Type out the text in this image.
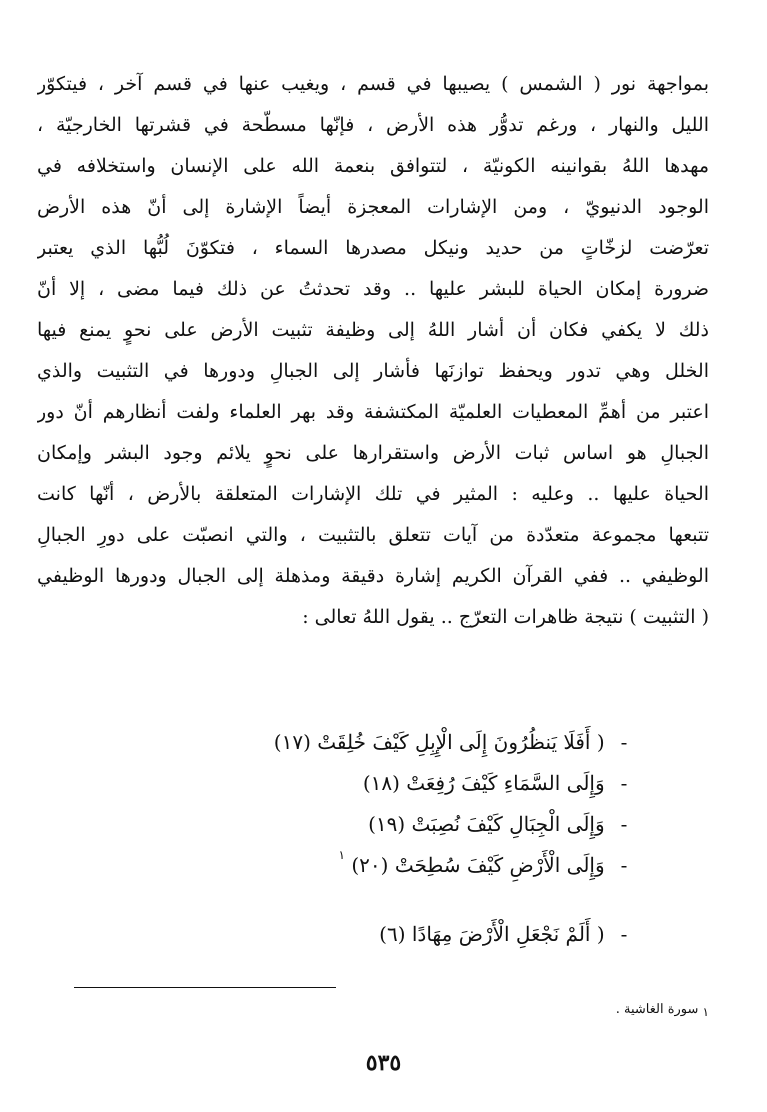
بمواجهة نور ( الشمس ) يصيبها في قسم ، ويغيب عنها في قسم آخر ، فيتكوّر
الليل والنهار ، ورغم تدوُّر هذه الأرض ، فإنّها مسطّحة في قشرتها الخارجيّة ،
مهدها اللهُ بقوانينه الكونيّة ، لتتوافق بنعمة الله على الإنسان واستخلافه في
الوجود الدنيويّ ، ومن الإشارات المعجزة أيضاً الإشارة إلى أنّ هذه الأرض
تعرّضت لزخّاتٍ من حديد ونيكل مصدرها السماء ، فتكوّنَ لُبُّها الذي يعتبر
ضرورة إمكان الحياة للبشر عليها .. وقد تحدثتُ عن ذلك فيما مضى ، إلا أنّ
ذلك لا يكفي فكان أن أشار اللهُ إلى وظيفة تثبيت الأرض على نحوٍ يمنع فيها
الخلل وهي تدور ويحفظ توازنَها فأشار إلى الجبالِ ودورها في التثبيت والذي
اعتبر من أهمِّ المعطيات العلميّة المكتشفة وقد بهر العلماء ولفت أنظارهم أنّ دور
الجبالِ هو اساس ثبات الأرض واستقرارها على نحوٍ يلائم وجود البشر وإمكان
الحياة عليها .. وعليه : المثير في تلك الإشارات المتعلقة بالأرض ، أنّها كانت
تتبعها مجموعة متعدّدة من آيات تتعلق بالتثبيت ، والتي انصبّت على دورِ الجبالِ
الوظيفي .. ففي القرآن الكريم إشارة دقيقة ومذهلة إلى الجبال ودورها الوظيفي
( التثبيت ) نتيجة ظاهرات التعرّج .. يقول اللهُ تعالى :
- ( أَفَلَا يَنظُرُونَ إِلَى الْإِبِلِ كَيْفَ خُلِقَتْ (١٧)
- وَإِلَى السَّمَاءِ كَيْفَ رُفِعَتْ (١٨)
- وَإِلَى الْجِبَالِ كَيْفَ نُصِبَتْ (١٩)
- وَإِلَى الْأَرْضِ كَيْفَ سُطِحَتْ (٢٠) $^١$
- ( أَلَمْ نَجْعَلِ الْأَرْضَ مِهَادًا (٦)
١ سورة الغاشية .
٥٣٥
